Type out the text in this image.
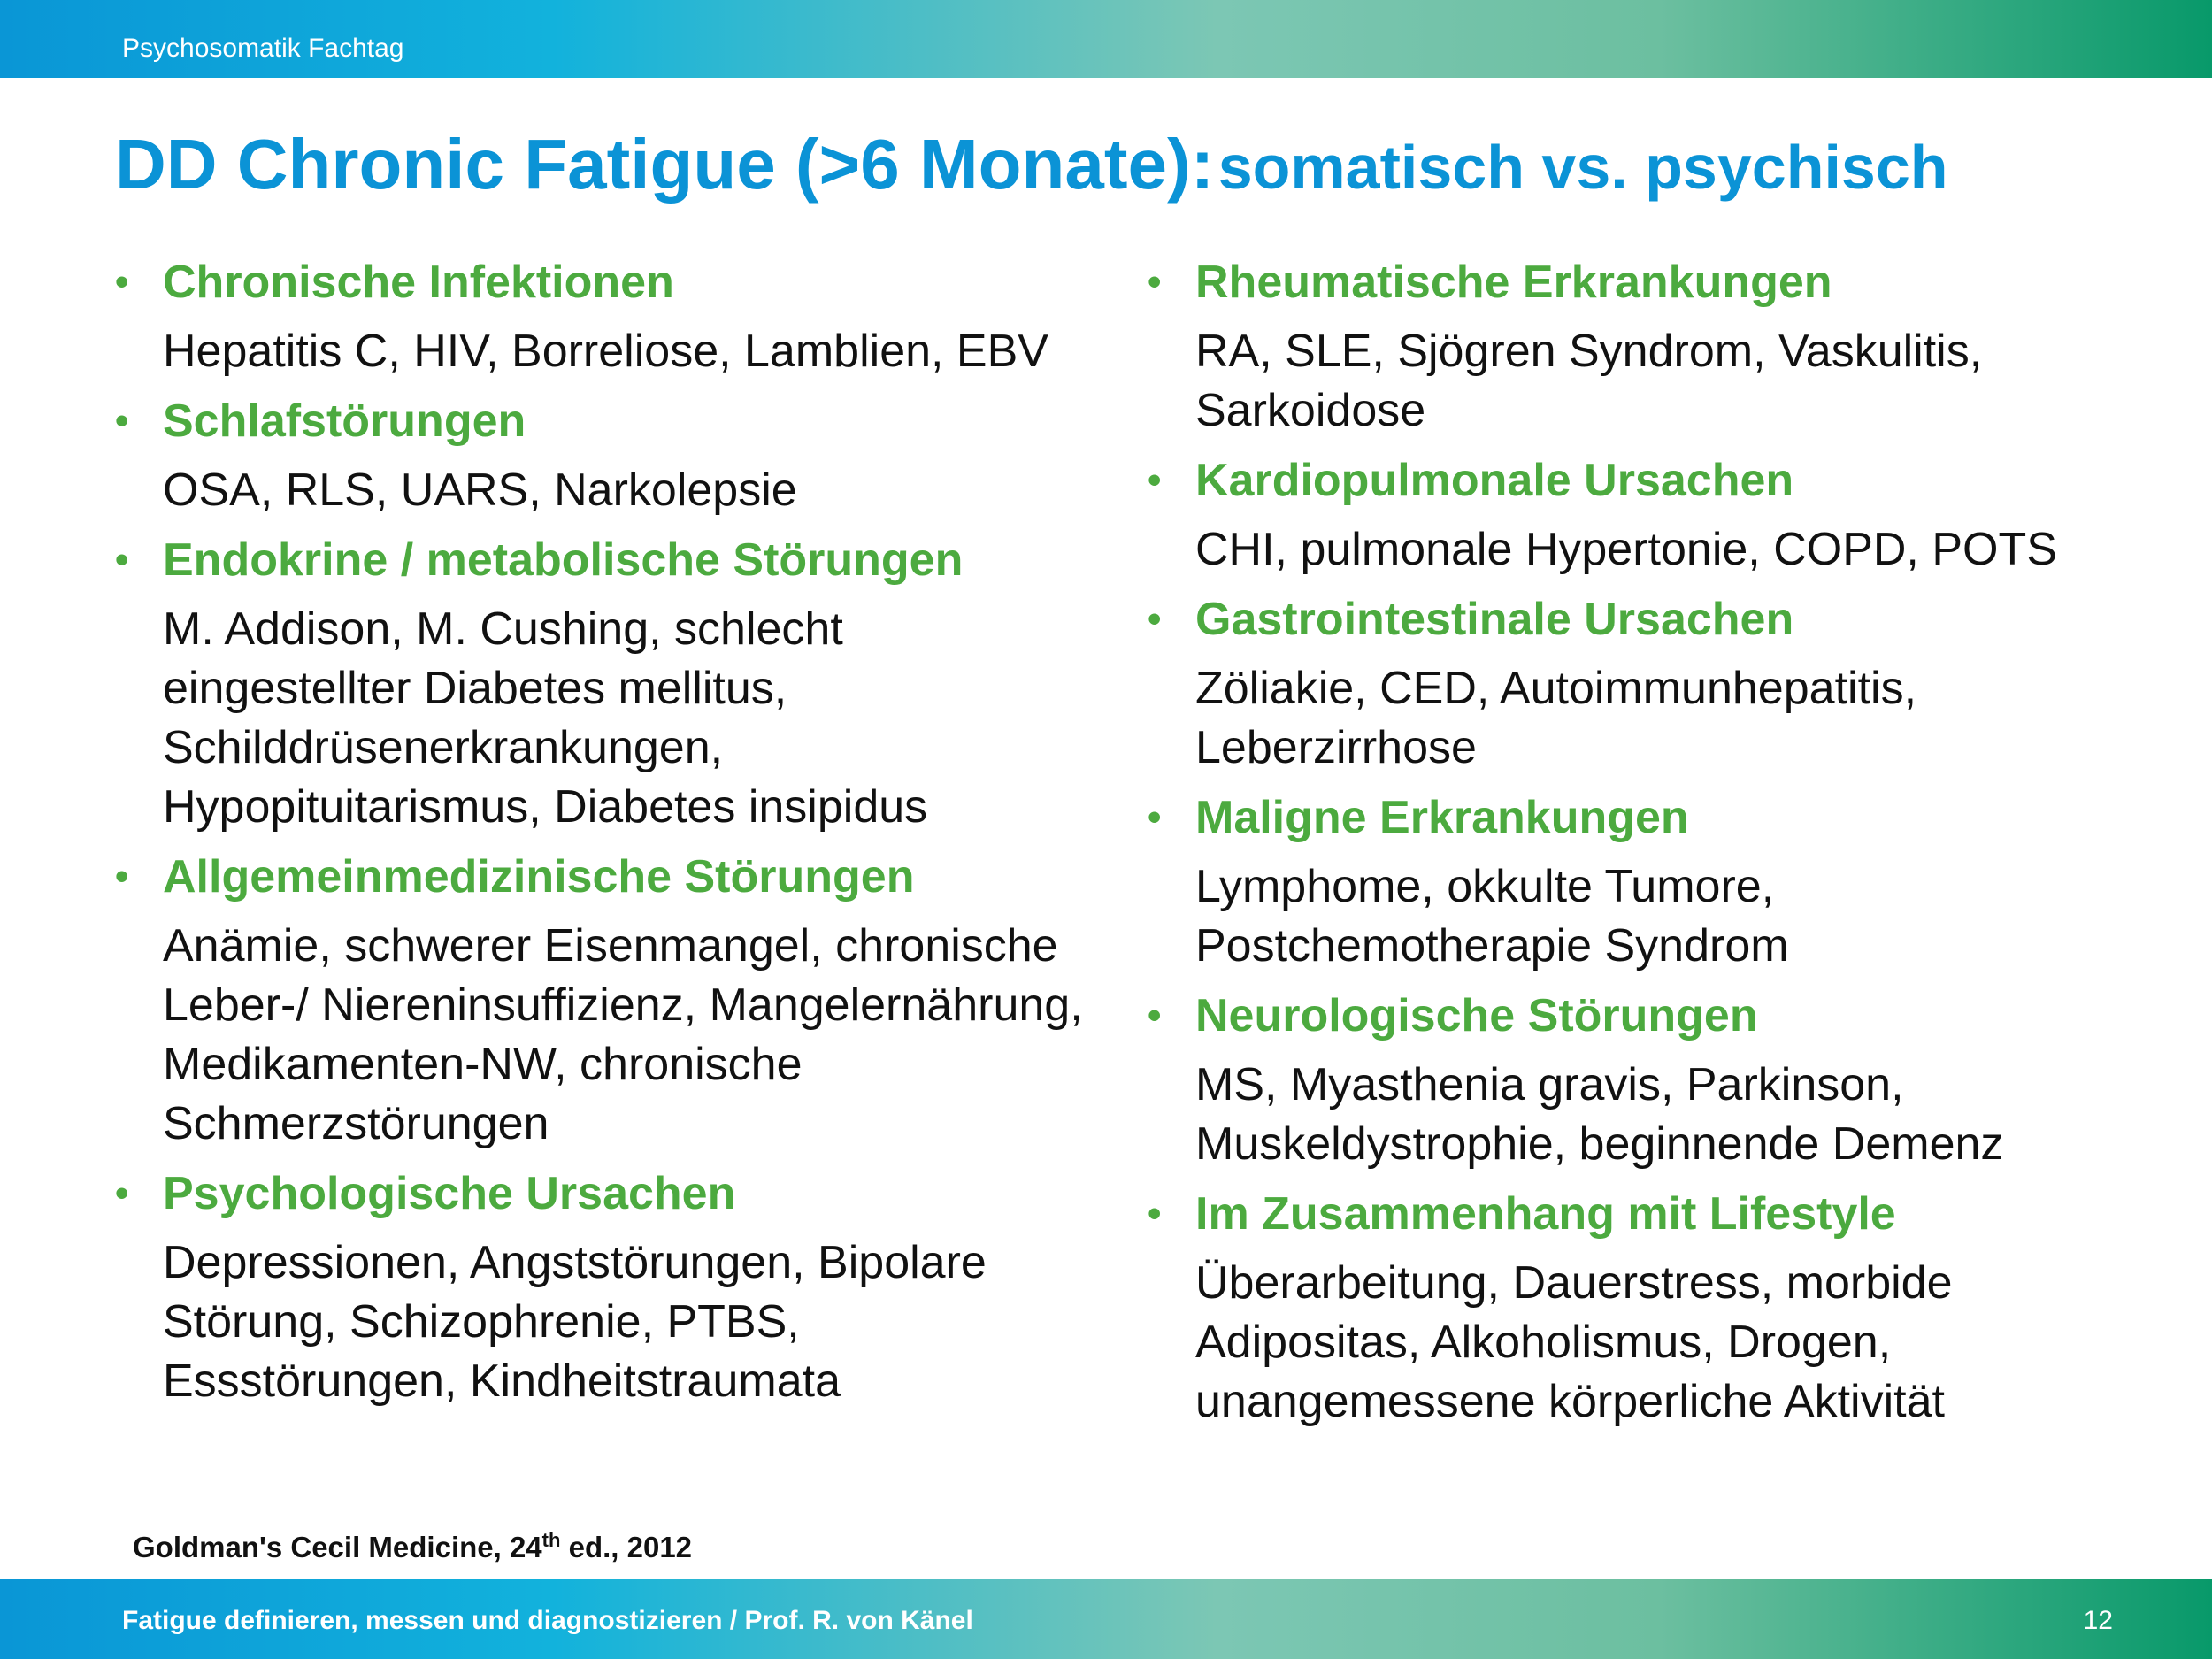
Psychosomatik Fachtag
DD Chronic Fatigue (>6 Monate): somatisch vs. psychisch
• Chronische Infektionen
Hepatitis C, HIV, Borreliose, Lamblien, EBV
• Schlafstörungen
OSA, RLS, UARS, Narkolepsie
• Endokrine / metabolische Störungen
M. Addison, M. Cushing, schlecht eingestellter Diabetes mellitus, Schilddrüsenerkrankungen, Hypopituitarismus, Diabetes insipidus
• Allgemeinmedizinische Störungen
Anämie, schwerer Eisenmangel, chronische Leber-/ Niereninsuffizienz, Mangelernährung, Medikamenten-NW, chronische Schmerzstörungen
• Psychologische Ursachen
Depressionen, Angststörungen, Bipolare Störung, Schizophrenie, PTBS, Essstörungen, Kindheitstraumata
• Rheumatische Erkrankungen
RA, SLE, Sjögren Syndrom, Vaskulitis, Sarkoidose
• Kardiopulmonale Ursachen
CHI, pulmonale Hypertonie, COPD, POTS
• Gastrointestinale Ursachen
Zöliakie, CED, Autoimmunhepatitis, Leberzirrhose
• Maligne Erkrankungen
Lymphome, okkulte Tumore, Postchemotherapie Syndrom
• Neurologische Störungen
MS, Myasthenia gravis, Parkinson, Muskeldystrophie, beginnende Demenz
• Im Zusammenhang mit Lifestyle
Überarbeitung, Dauerstress, morbide Adipositas, Alkoholismus, Drogen, unangemessene körperliche Aktivität
Goldman's Cecil Medicine, 24th ed., 2012
Fatigue definieren, messen und diagnostizieren / Prof. R. von Känel	12
